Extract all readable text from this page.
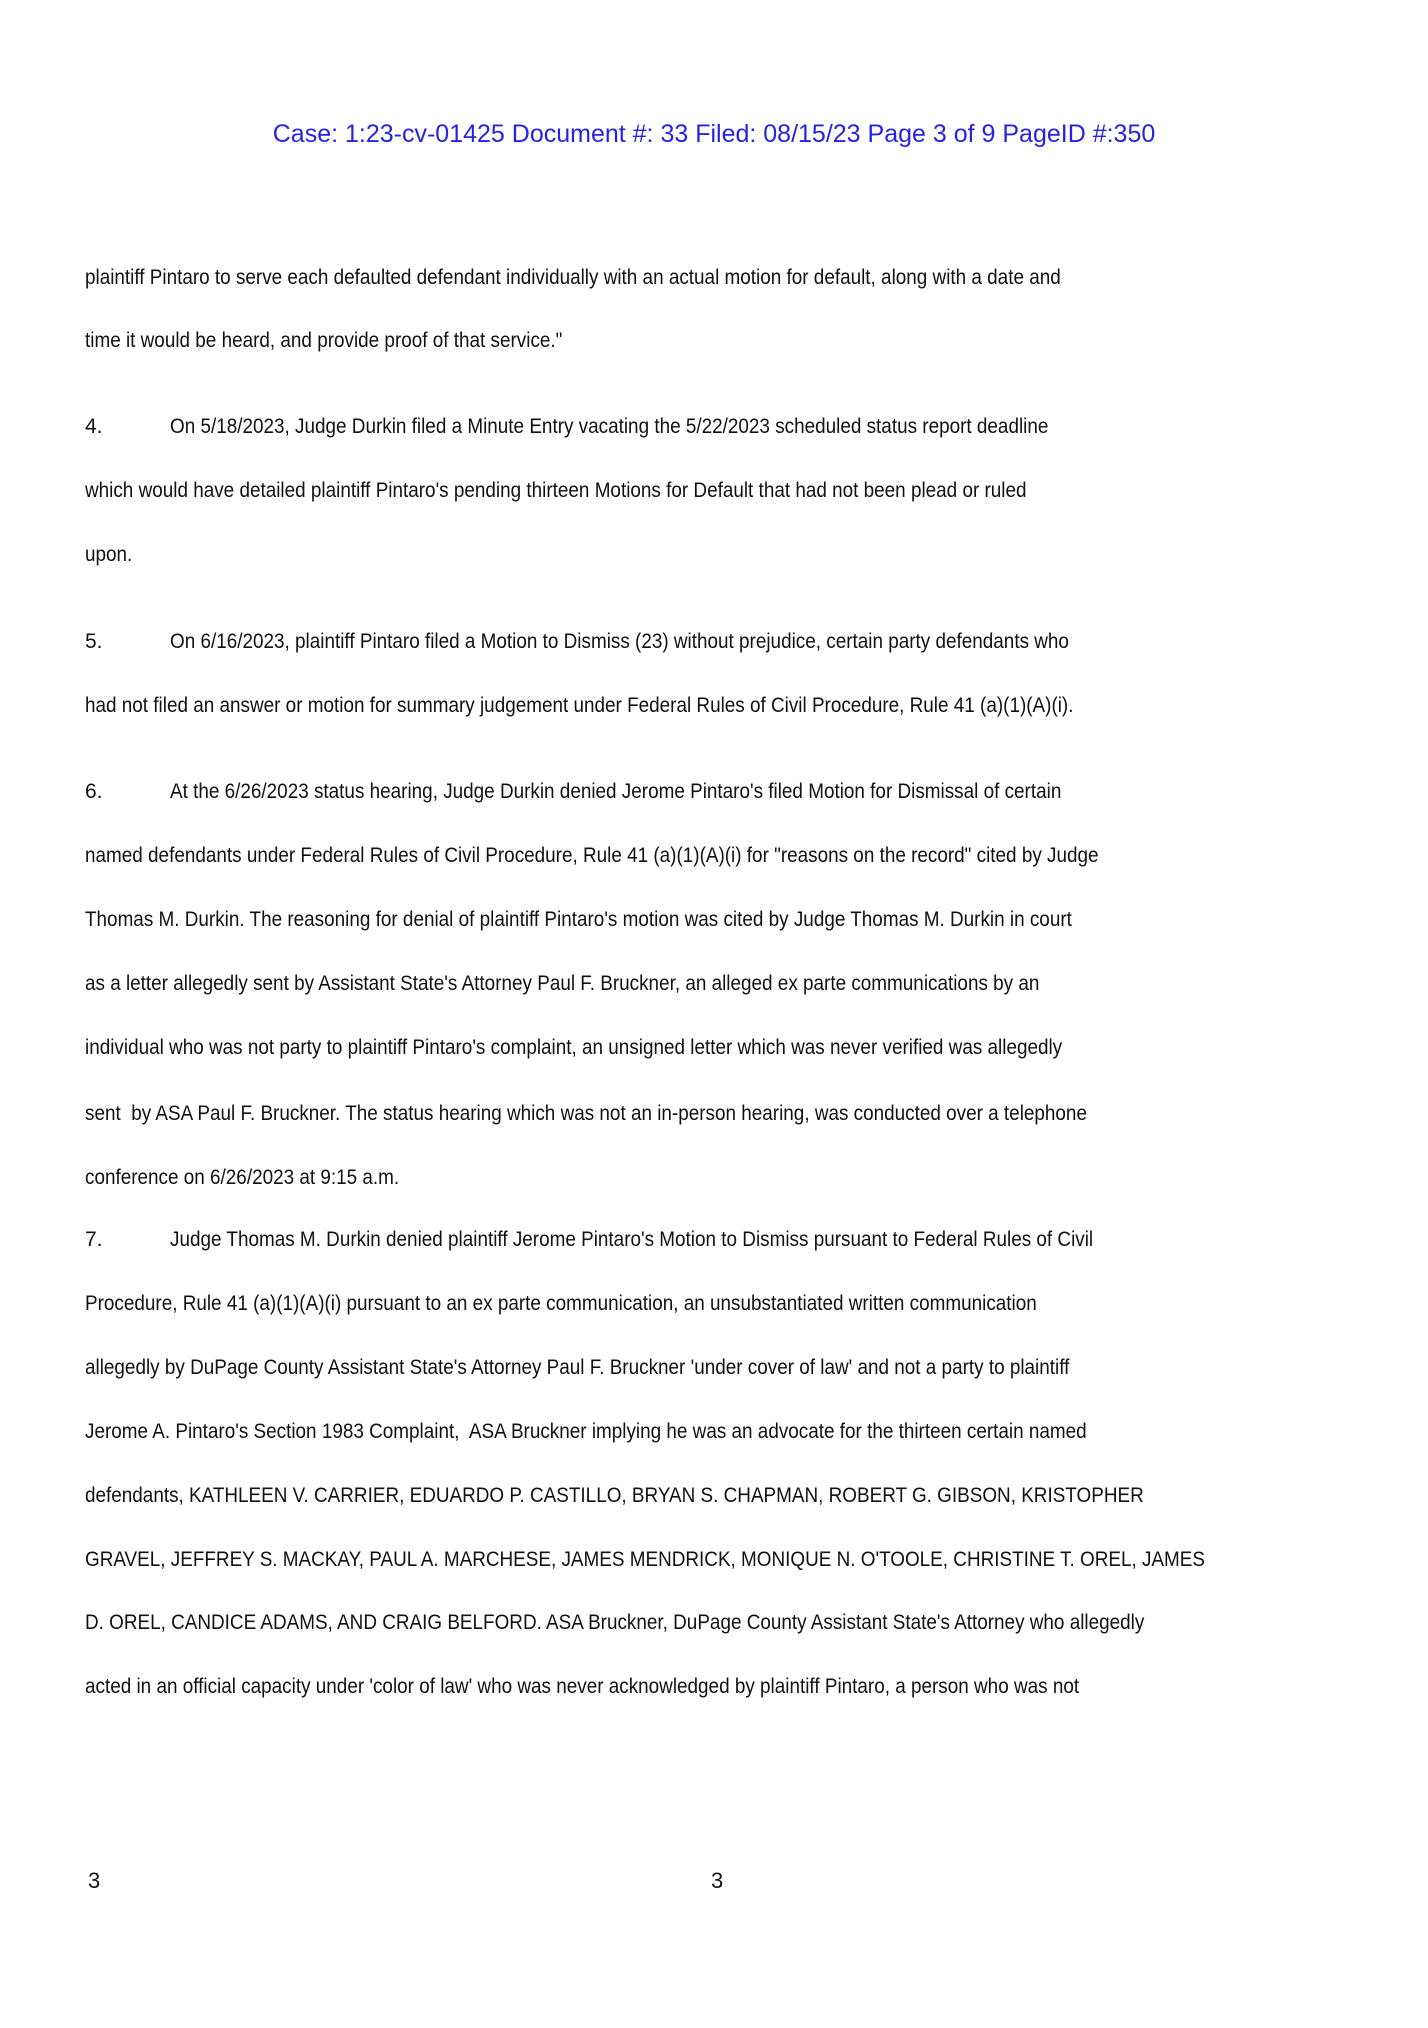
Case: 1:23-cv-01425 Document #: 33 Filed: 08/15/23 Page 3 of 9 PageID #:350
plaintiff Pintaro to serve each defaulted defendant individually with an actual motion for default, along with a date and
time it would be heard, and provide proof of that service."
4.	On 5/18/2023, Judge Durkin filed a Minute Entry vacating the 5/22/2023 scheduled status report deadline
which would have detailed plaintiff Pintaro's pending thirteen Motions for Default that had not been plead or ruled
upon.
5.	On 6/16/2023, plaintiff Pintaro filed a Motion to Dismiss (23) without prejudice, certain party defendants who
had not filed an answer or motion for summary judgement under Federal Rules of Civil Procedure, Rule 41 (a)(1)(A)(i).
6.	At the 6/26/2023 status hearing, Judge Durkin denied Jerome Pintaro's filed Motion for Dismissal of certain
named defendants under Federal Rules of Civil Procedure, Rule 41 (a)(1)(A)(i) for "reasons on the record" cited by Judge
Thomas M. Durkin. The reasoning for denial of plaintiff Pintaro's motion was cited by Judge Thomas M. Durkin in court
as a letter allegedly sent by Assistant State's Attorney Paul F. Bruckner, an alleged ex parte communications by an
individual who was not party to plaintiff Pintaro's complaint, an unsigned letter which was never verified was allegedly
sent  by ASA Paul F. Bruckner. The status hearing which was not an in-person hearing, was conducted over a telephone
conference on 6/26/2023 at 9:15 a.m.
7.	Judge Thomas M. Durkin denied plaintiff Jerome Pintaro's Motion to Dismiss pursuant to Federal Rules of Civil
Procedure, Rule 41 (a)(1)(A)(i) pursuant to an ex parte communication, an unsubstantiated written communication
allegedly by DuPage County Assistant State's Attorney Paul F. Bruckner 'under cover of law' and not a party to plaintiff
Jerome A. Pintaro's Section 1983 Complaint,  ASA Bruckner implying he was an advocate for the thirteen certain named
defendants, KATHLEEN V. CARRIER, EDUARDO P. CASTILLO, BRYAN S. CHAPMAN, ROBERT G. GIBSON, KRISTOPHER
GRAVEL, JEFFREY S. MACKAY, PAUL A. MARCHESE, JAMES MENDRICK, MONIQUE N. O'TOOLE, CHRISTINE T. OREL, JAMES
D. OREL, CANDICE ADAMS, AND CRAIG BELFORD. ASA Bruckner, DuPage County Assistant State's Attorney who allegedly
acted in an official capacity under 'color of law' who was never acknowledged by plaintiff Pintaro, a person who was not
3	3
